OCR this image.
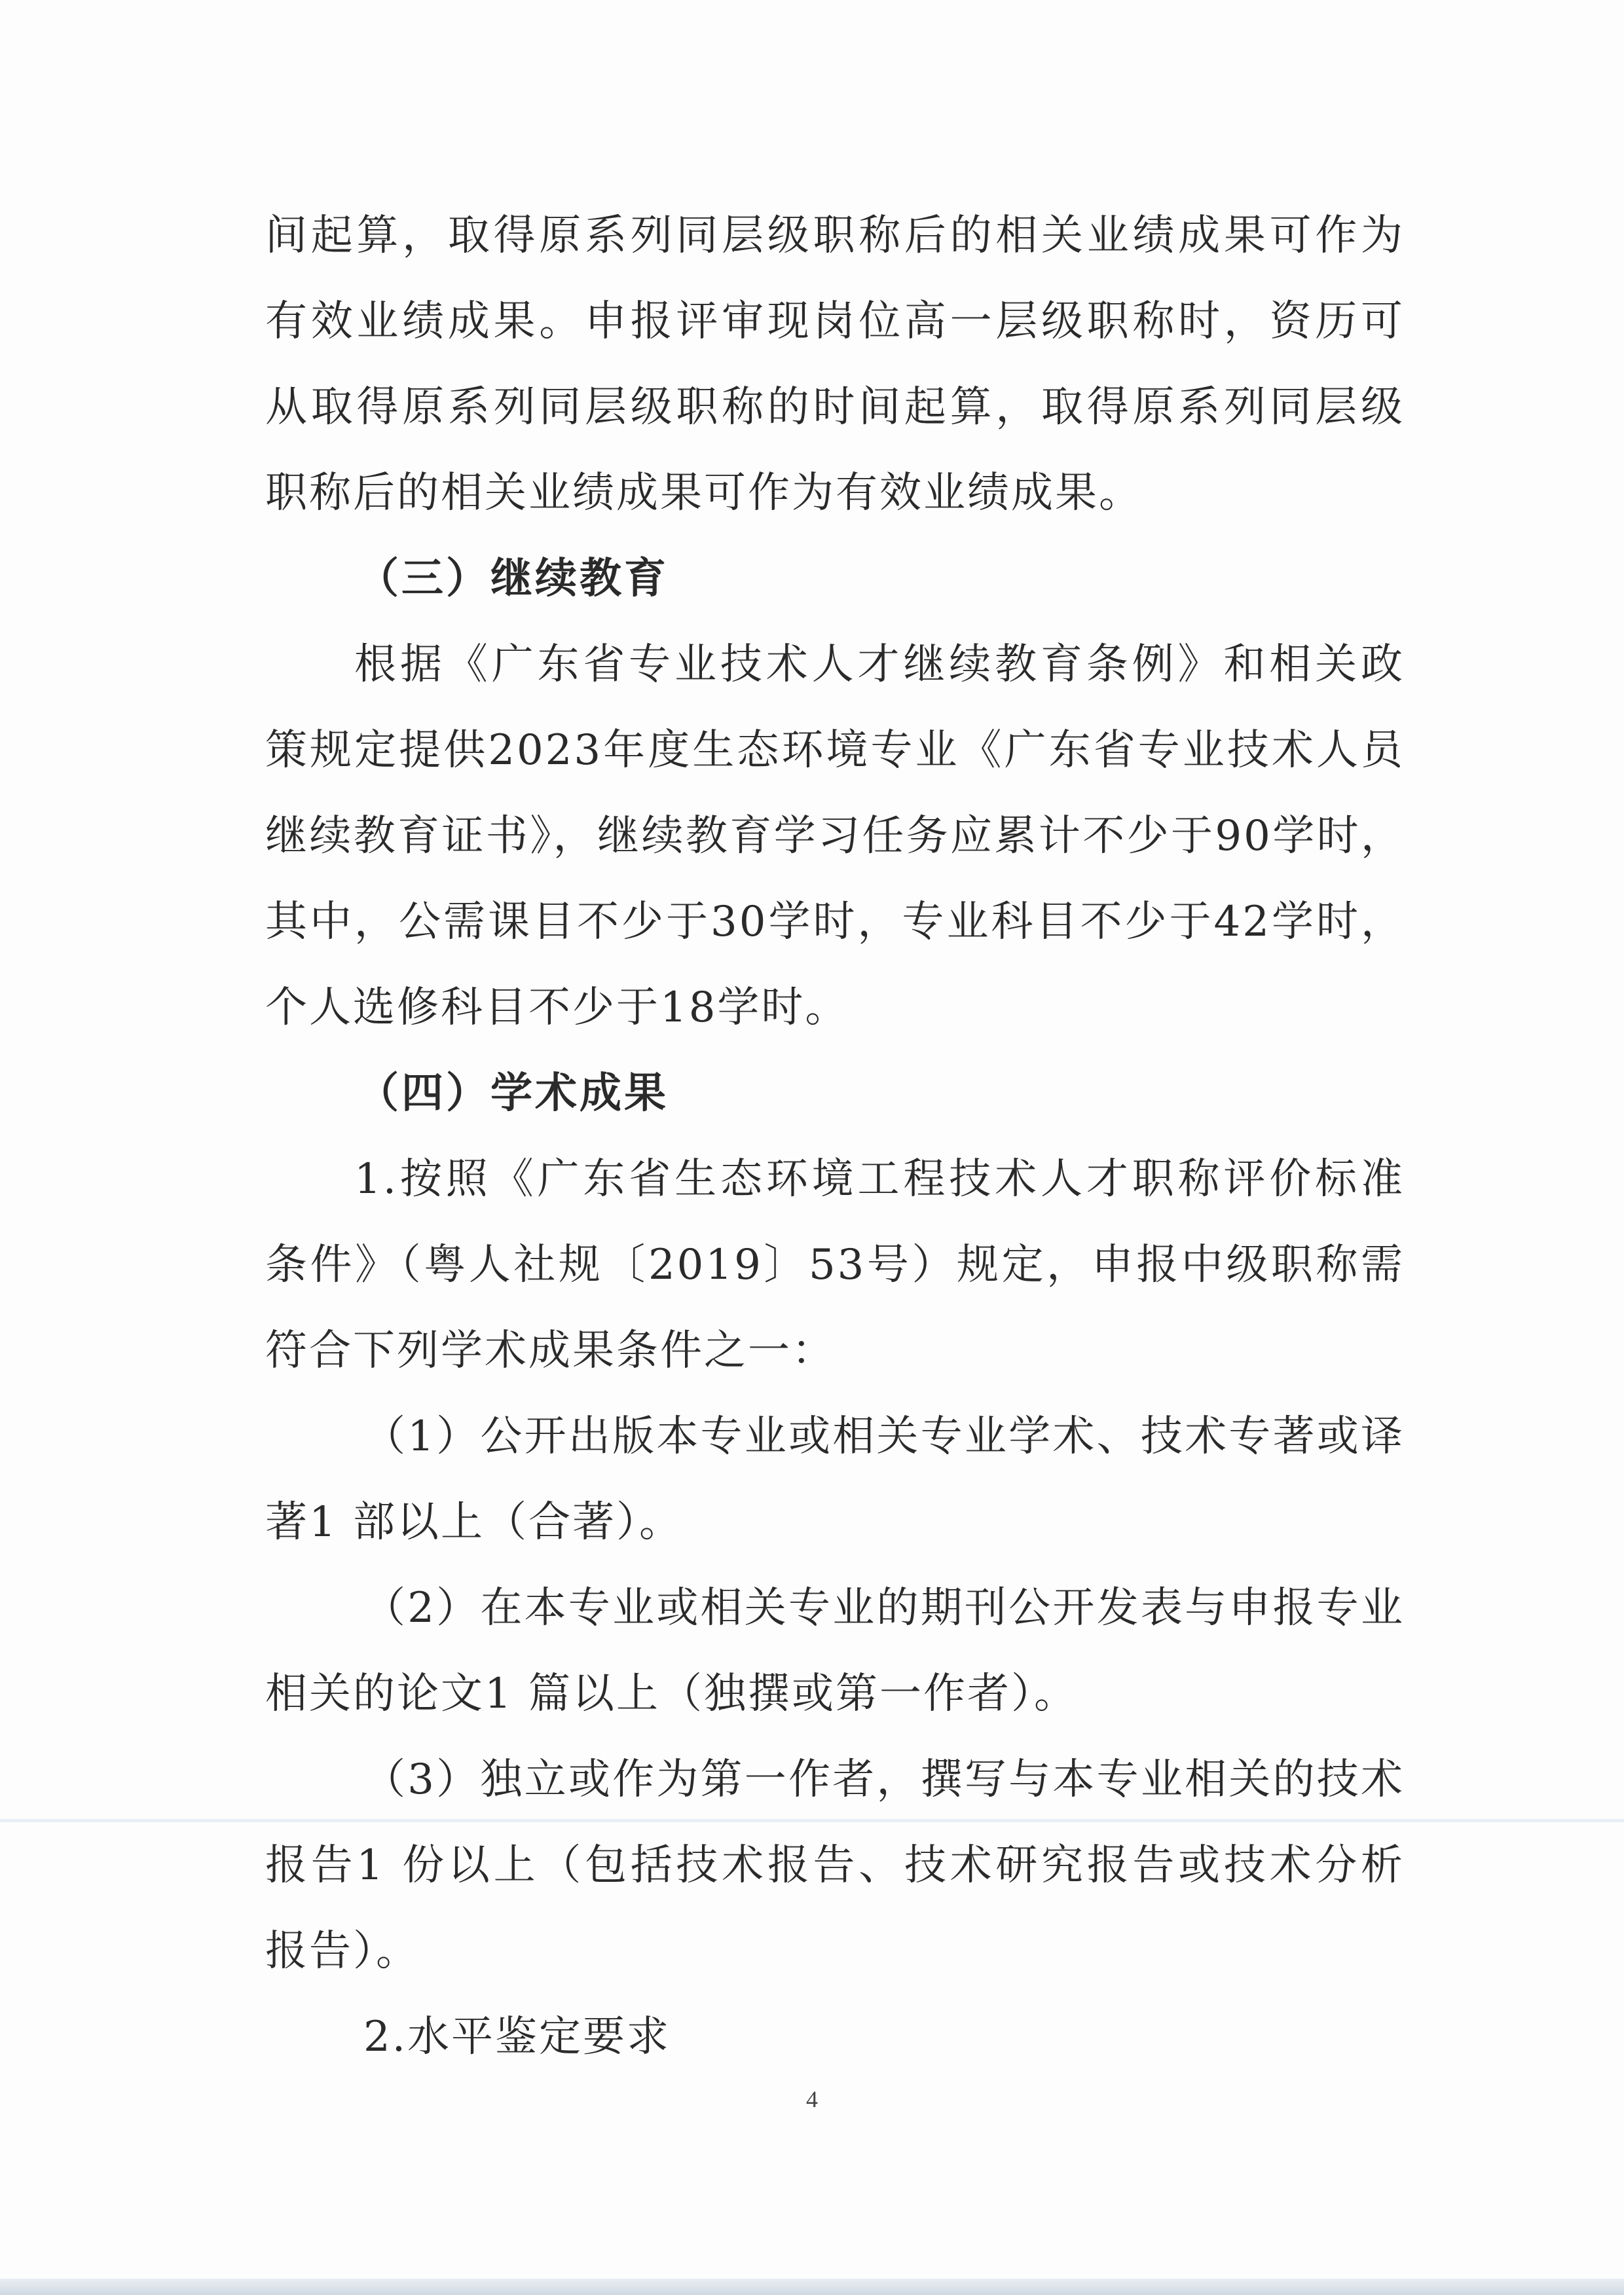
间起算，取得原系列同层级职称后的相关业绩成果可作为有效业绩成果。申报评审现岗位高一层级职称时，资历可从取得原系列同层级职称的时间起算，取得原系列同层级职称后的相关业绩成果可作为有效业绩成果。

（三）继续教育

根据《广东省专业技术人才继续教育条例》和相关政策规定提供2023年度生态环境专业《广东省专业技术人员继续教育证书》，继续教育学习任务应累计不少于90学时，其中，公需课目不少于30学时，专业科目不少于42学时，个人选修科目不少于18学时。

（四）学术成果

1.按照《广东省生态环境工程技术人才职称评价标准条件》（粤人社规〔2019〕53号）规定，申报中级职称需符合下列学术成果条件之一：

（1）公开出版本专业或相关专业学术、技术专著或译著1 部以上（合著）。

（2）在本专业或相关专业的期刊公开发表与申报专业相关的论文1 篇以上（独撰或第一作者）。

（3）独立或作为第一作者，撰写与本专业相关的技术报告1 份以上（包括技术报告、技术研究报告或技术分析报告）。

2.水平鉴定要求

4
